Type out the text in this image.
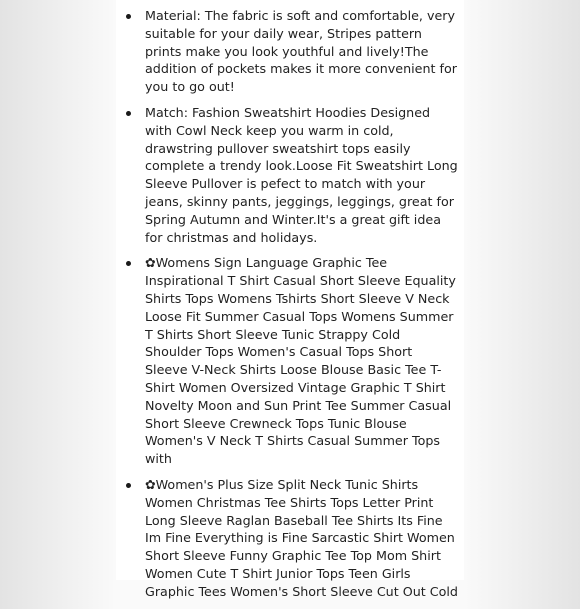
Material: The fabric is soft and comfortable, very suitable for your daily wear, Stripes pattern prints make you look youthful and lively!The addition of pockets makes it more convenient for you to go out!
Match: Fashion Sweatshirt Hoodies Designed with Cowl Neck keep you warm in cold, drawstring pullover sweatshirt tops easily complete a trendy look.Loose Fit Sweatshirt Long Sleeve Pullover is pefect to match with your jeans, skinny pants, jeggings, leggings, great for Spring Autumn and Winter.It's a great gift idea for christmas and holidays.
✿Womens Sign Language Graphic Tee Inspirational T Shirt Casual Short Sleeve Equality Shirts Tops Womens Tshirts Short Sleeve V Neck Loose Fit Summer Casual Tops Womens Summer T Shirts Short Sleeve Tunic Strappy Cold Shoulder Tops Women's Casual Tops Short Sleeve V-Neck Shirts Loose Blouse Basic Tee T-Shirt Women Oversized Vintage Graphic T Shirt Novelty Moon and Sun Print Tee Summer Casual Short Sleeve Crewneck Tops Tunic Blouse Women's V Neck T Shirts Casual Summer Tops with
✿Women's Plus Size Split Neck Tunic Shirts Women Christmas Tee Shirts Tops Letter Print Long Sleeve Raglan Baseball Tee Shirts Its Fine Im Fine Everything is Fine Sarcastic Shirt Women Short Sleeve Funny Graphic Tee Top Mom Shirt Women Cute T Shirt Junior Tops Teen Girls Graphic Tees Women's Short Sleeve Cut Out Cold
